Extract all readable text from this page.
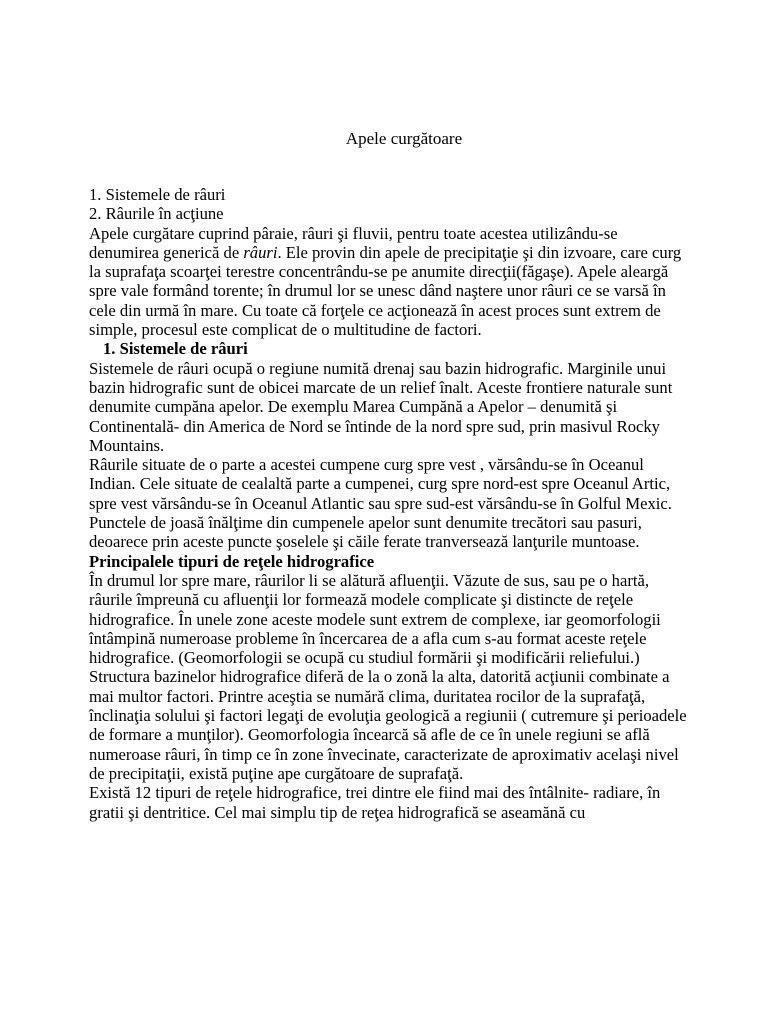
Apele curgătoare

1. Sistemele de râuri

2. Râurile în acţiune

Apele curgătare cuprind pâraie, râuri şi fluvii, pentru toate acestea utilizându-se denumirea generică de râuri. Ele provin din apele de precipitaţie şi din izvoare, care curg la suprafaţa scoarţei terestre concentrându-se pe anumite direcţii(făgaşe). Apele aleargă spre vale formând torente; în drumul lor se unesc dând naştere unor râuri ce se varsă în cele din urmă în mare. Cu toate că forţele ce acţionează în acest proces sunt extrem de simple, procesul este complicat de o multitudine de factori.

1. Sistemele de râuri

Sistemele de râuri ocupă o regiune numită drenaj sau bazin hidrografic. Marginile unui bazin hidrografic sunt de obicei marcate de un relief înalt. Aceste frontiere naturale sunt denumite cumpăna apelor. De exemplu Marea Cumpănă a Apelor – denumită şi Continentală- din America de Nord se întinde de la nord spre sud, prin masivul Rocky Mountains.

Râurile situate de o parte a acestei cumpene curg spre vest , vărsându-se în Oceanul Indian. Cele situate de cealaltă parte a cumpenei, curg spre nord-est spre Oceanul Artic, spre vest vărsându-se în Oceanul Atlantic sau spre sud-est vărsându-se în Golful Mexic. Punctele de joasă înălţime din cumpenele apelor sunt denumite trecători sau pasuri, deoarece prin aceste puncte şoselele şi căile ferate tranversează lanţurile muntoase.

Principalele tipuri de reţele hidrografice

În drumul lor spre mare, râurilor li se alătură afluenţii. Văzute de sus, sau pe o hartă, râurile împreună cu afluenţii lor formează modele complicate şi distincte de reţele hidrografice. În unele zone aceste modele sunt extrem de complexe, iar geomorfologii întâmpină numeroase probleme în încercarea de a afla cum s-au format aceste reţele hidrografice. (Geomorfologii se ocupă cu studiul formării şi modificării reliefului.) Structura bazinelor hidrografice diferă de la o zonă la alta, datorită acţiunii combinate a mai multor factori. Printre aceştia se numără clima, duritatea rocilor de la suprafaţă, înclinaţia solului şi factori legaţi de evoluţia geologică a regiunii ( cutremure şi perioadele de formare a munţilor). Geomorfologia încearcă să afle de ce în unele regiuni se află numeroase râuri, în timp ce în zone învecinate, caracterizate de aproximativ acelaşi nivel de precipitaţii, există puţine ape curgătoare de suprafaţă.

Există 12 tipuri de reţele hidrografice, trei dintre ele fiind mai des întâlnite- radiare, în gratii şi dentritice. Cel mai simplu tip de reţea hidrografică se aseamănă cu
